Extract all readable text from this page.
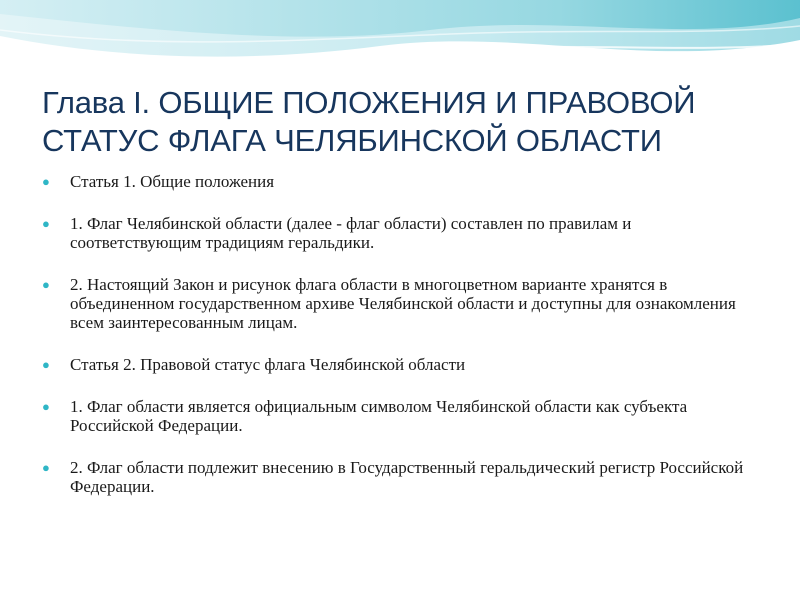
Глава I. ОБЩИЕ ПОЛОЖЕНИЯ И ПРАВОВОЙ
СТАТУС ФЛАГА ЧЕЛЯБИНСКОЙ ОБЛАСТИ
● Статья 1. Общие положения
● 1. Флаг Челябинской области (далее - флаг области) составлен по правилам и соответствующим традициям геральдики.
● 2. Настоящий Закон и рисунок флага области в многоцветном варианте хранятся в объединенном государственном архиве Челябинской области и доступны для ознакомления всем заинтересованным лицам.
● Статья 2. Правовой статус флага Челябинской области
● 1. Флаг области является официальным символом Челябинской области как субъекта Российской Федерации.
● 2. Флаг области подлежит внесению в Государственный геральдический регистр Российской Федерации.
